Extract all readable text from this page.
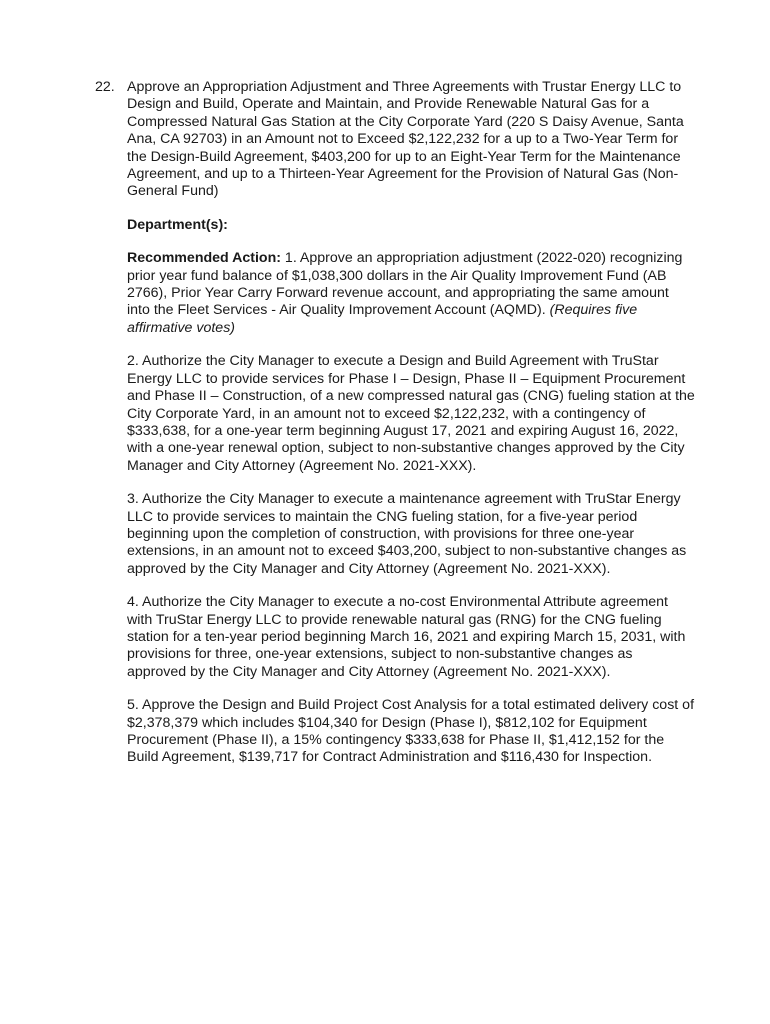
22. Approve an Appropriation Adjustment and Three Agreements with Trustar Energy LLC to Design and Build, Operate and Maintain, and Provide Renewable Natural Gas for a Compressed Natural Gas Station at the City Corporate Yard (220 S Daisy Avenue, Santa Ana, CA 92703) in an Amount not to Exceed $2,122,232 for a up to a Two-Year Term for the Design-Build Agreement, $403,200 for up to an Eight-Year Term for the Maintenance Agreement, and up to a Thirteen-Year Agreement for the Provision of Natural Gas (Non-General Fund)

Department(s):

Recommended Action: 1. Approve an appropriation adjustment (2022-020) recognizing prior year fund balance of $1,038,300 dollars in the Air Quality Improvement Fund (AB 2766), Prior Year Carry Forward revenue account, and appropriating the same amount into the Fleet Services - Air Quality Improvement Account (AQMD). (Requires five affirmative votes)

2. Authorize the City Manager to execute a Design and Build Agreement with TruStar Energy LLC to provide services for Phase I – Design, Phase II – Equipment Procurement and Phase II – Construction, of a new compressed natural gas (CNG) fueling station at the City Corporate Yard, in an amount not to exceed $2,122,232, with a contingency of $333,638, for a one-year term beginning August 17, 2021 and expiring August 16, 2022, with a one-year renewal option, subject to non-substantive changes approved by the City Manager and City Attorney (Agreement No. 2021-XXX).

3. Authorize the City Manager to execute a maintenance agreement with TruStar Energy LLC to provide services to maintain the CNG fueling station, for a five-year period beginning upon the completion of construction, with provisions for three one-year extensions, in an amount not to exceed $403,200, subject to non-substantive changes as approved by the City Manager and City Attorney (Agreement No. 2021-XXX).

4. Authorize the City Manager to execute a no-cost Environmental Attribute agreement with TruStar Energy LLC to provide renewable natural gas (RNG) for the CNG fueling station for a ten-year period beginning March 16, 2021 and expiring March 15, 2031, with provisions for three, one-year extensions, subject to non-substantive changes as approved by the City Manager and City Attorney (Agreement No. 2021-XXX).

5. Approve the Design and Build Project Cost Analysis for a total estimated delivery cost of $2,378,379 which includes $104,340 for Design (Phase I), $812,102 for Equipment Procurement (Phase II), a 15% contingency $333,638 for Phase II, $1,412,152 for the Build Agreement, $139,717 for Contract Administration and $116,430 for Inspection.
